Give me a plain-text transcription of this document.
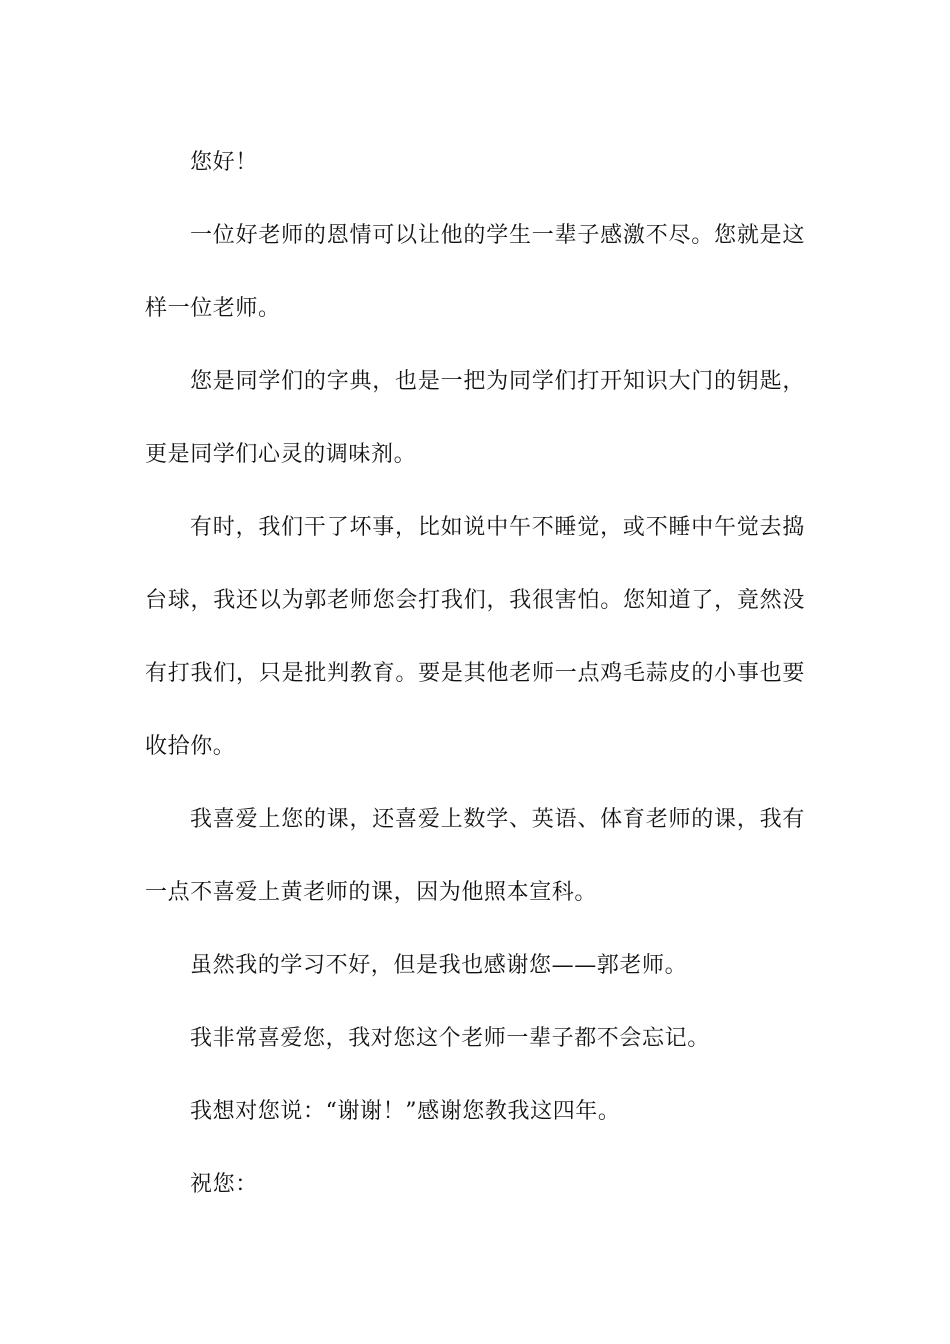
您好！

一位好老师的恩情可以让他的学生一辈子感激不尽。您就是这样一位老师。

您是同学们的字典，也是一把为同学们打开知识大门的钥匙，更是同学们心灵的调味剂。

有时，我们干了坏事，比如说中午不睡觉，或不睡中午觉去捣台球，我还以为郭老师您会打我们，我很害怕。您知道了，竟然没有打我们，只是批判教育。要是其他老师一点鸡毛蒜皮的小事也要收拾你。

我喜爱上您的课，还喜爱上数学、英语、体育老师的课，我有一点不喜爱上黄老师的课，因为他照本宣科。

虽然我的学习不好，但是我也感谢您——郭老师。

我非常喜爱您，我对您这个老师一辈子都不会忘记。

我想对您说：“谢谢！”感谢您教我这四年。

祝您：
